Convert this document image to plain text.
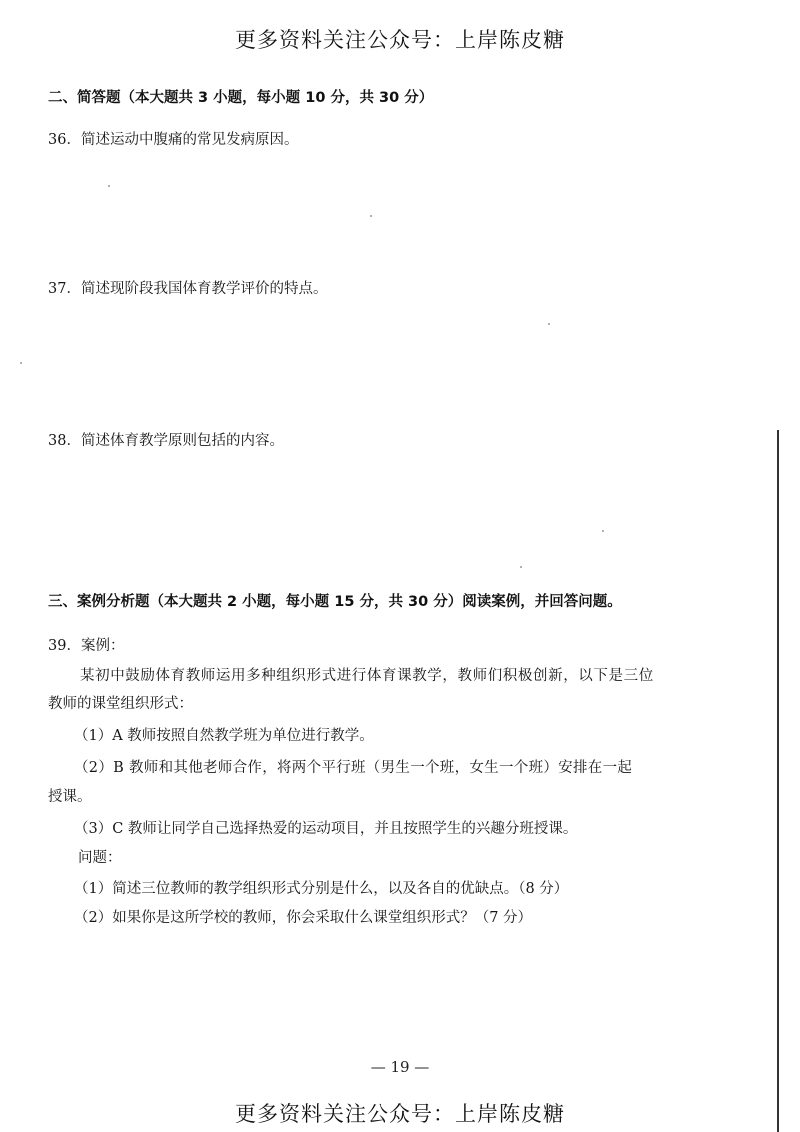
更多资料关注公众号：上岸陈皮糖
二、简答题（本大题共 3 小题，每小题 10 分，共 30 分）
36．简述运动中腹痛的常见发病原因。
37．简述现阶段我国体育教学评价的特点。
38．简述体育教学原则包括的内容。
三、案例分析题（本大题共 2 小题，每小题 15 分，共 30 分）阅读案例，并回答问题。
39．案例：
某初中鼓励体育教师运用多种组织形式进行体育课教学，教师们积极创新，以下是三位
教师的课堂组织形式：
（1）A 教师按照自然教学班为单位进行教学。
（2）B 教师和其他老师合作，将两个平行班（男生一个班，女生一个班）安排在一起
授课。
（3）C 教师让同学自己选择热爱的运动项目，并且按照学生的兴趣分班授课。
问题：
（1）简述三位教师的教学组织形式分别是什么，以及各自的优缺点。（8 分）
（2）如果你是这所学校的教师，你会采取什么课堂组织形式？（7 分）
— 19 —
更多资料关注公众号：上岸陈皮糖
